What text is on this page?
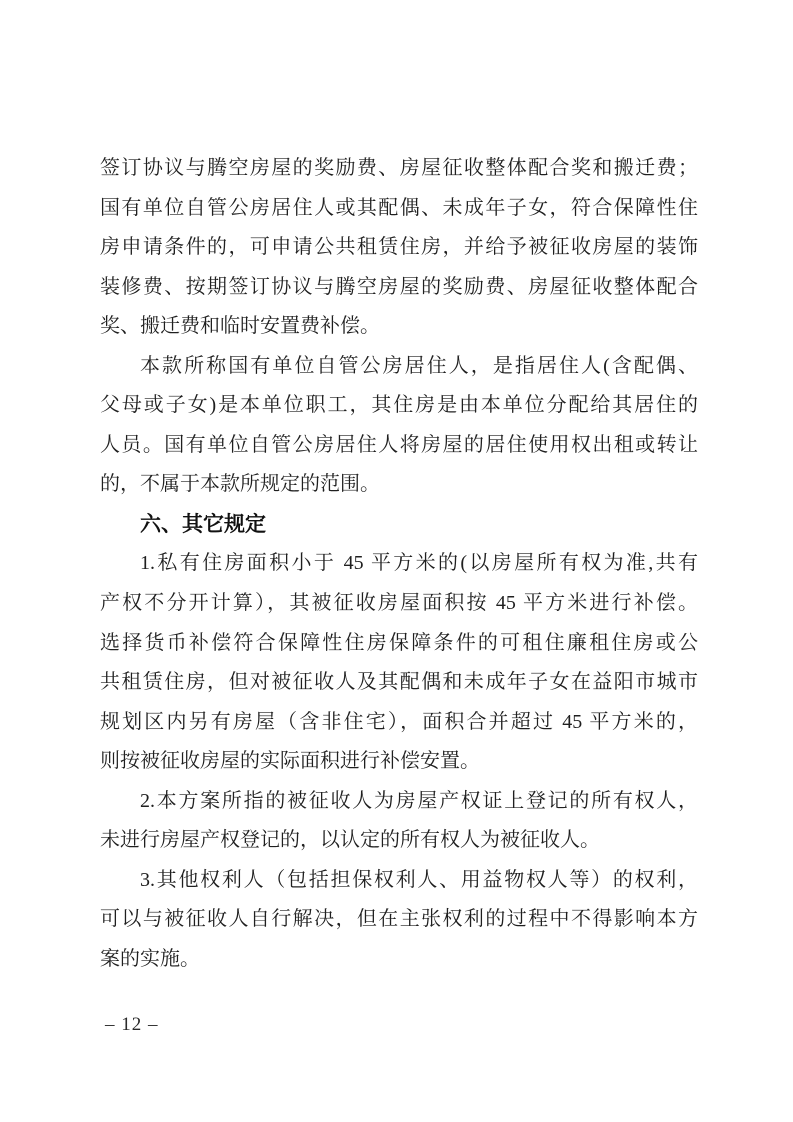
签订协议与腾空房屋的奖励费、房屋征收整体配合奖和搬迁费；

国有单位自管公房居住人或其配偶、未成年子女，符合保障性住

房申请条件的，可申请公共租赁住房，并给予被征收房屋的装饰

装修费、按期签订协议与腾空房屋的奖励费、房屋征收整体配合

奖、搬迁费和临时安置费补偿。

本款所称国有单位自管公房居住人，是指居住人(含配偶、

父母或子女)是本单位职工，其住房是由本单位分配给其居住的

人员。国有单位自管公房居住人将房屋的居住使用权出租或转让

的，不属于本款所规定的范围。

六、其它规定

1.私有住房面积小于 45 平方米的(以房屋所有权为准,共有

产权不分开计算），其被征收房屋面积按 45 平方米进行补偿。

选择货币补偿符合保障性住房保障条件的可租住廉租住房或公

共租赁住房，但对被征收人及其配偶和未成年子女在益阳市城市

规划区内另有房屋（含非住宅），面积合并超过 45 平方米的，

则按被征收房屋的实际面积进行补偿安置。

2.本方案所指的被征收人为房屋产权证上登记的所有权人，

未进行房屋产权登记的，以认定的所有权人为被征收人。

3.其他权利人（包括担保权利人、用益物权人等）的权利，

可以与被征收人自行解决，但在主张权利的过程中不得影响本方

案的实施。

– 12 –
